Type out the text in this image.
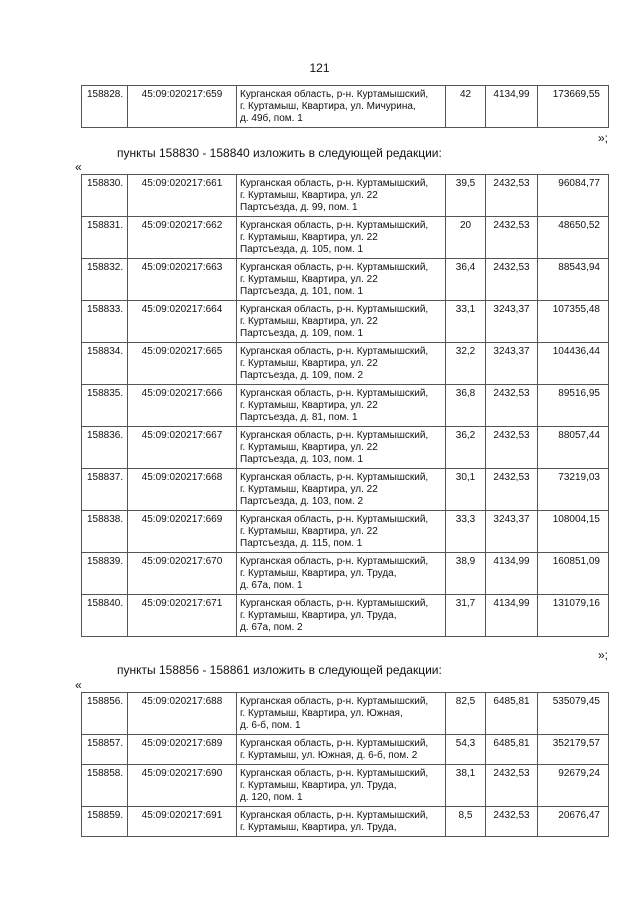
121
158828.	45:09:020217:659	Курганская область, р-н. Куртамышский,
г. Куртамыш, Квартира, ул. Мичурина,
д. 49б, пом. 1
	42	4134,99	173669,55
»;
пункты 158830 - 158840 изложить в следующей редакции:
«
158830.	45:09:020217:661	Курганская область, р-н. Куртамышский,
г. Куртамыш, Квартира, ул. 22
Партсъезда, д. 99, пом. 1	39,5	2432,53	96084,77
158831.	45:09:020217:662	Курганская область, р-н. Куртамышский,
г. Куртамыш, Квартира, ул. 22
Партсъезда, д. 105, пом. 1	20	2432,53	48650,52
158832.	45:09:020217:663	Курганская область, р-н. Куртамышский,
г. Куртамыш, Квартира, ул. 22
Партсъезда, д. 101, пом. 1	36,4	2432,53	88543,94
158833.	45:09:020217:664	Курганская область, р-н. Куртамышский,
г. Куртамыш, Квартира, ул. 22
Партсъезда, д. 109, пом. 1	33,1	3243,37	107355,48
158834.	45:09:020217:665	Курганская область, р-н. Куртамышский,
г. Куртамыш, Квартира, ул. 22
Партсъезда, д. 109, пом. 2	32,2	3243,37	104436,44
158835.	45:09:020217:666	Курганская область, р-н. Куртамышский,
г. Куртамыш, Квартира, ул. 22
Партсъезда, д. 81, пом. 1	36,8	2432,53	89516,95
158836.	45:09:020217:667	Курганская область, р-н. Куртамышский,
г. Куртамыш, Квартира, ул. 22
Партсъезда, д. 103, пом. 1	36,2	2432,53	88057,44
158837.	45:09:020217:668	Курганская область, р-н. Куртамышский,
г. Куртамыш, Квартира, ул. 22
Партсъезда, д. 103, пом. 2	30,1	2432,53	73219,03
158838.	45:09:020217:669	Курганская область, р-н. Куртамышский,
г. Куртамыш, Квартира, ул. 22
Партсъезда, д. 115, пом. 1	33,3	3243,37	108004,15
158839.	45:09:020217:670	Курганская область, р-н. Куртамышский,
г. Куртамыш, Квартира, ул. Труда,
д. 67а, пом. 1	38,9	4134,99	160851,09
158840.	45:09:020217:671	Курганская область, р-н. Куртамышский,
г. Куртамыш, Квартира, ул. Труда,
д. 67а, пом. 2	31,7	4134,99	131079,16
»;
пункты 158856 - 158861 изложить в следующей редакции:
«
158856.	45:09:020217:688	Курганская область, р-н. Куртамышский,
г. Куртамыш, Квартира, ул. Южная,
д. 6-б, пом. 1	82,5	6485,81	535079,45
158857.	45:09:020217:689	Курганская область, р-н. Куртамышский,
г. Куртамыш, ул. Южная, д. 6-б, пом. 2	54,3	6485,81	352179,57
158858.	45:09:020217:690	Курганская область, р-н. Куртамышский,
г. Куртамыш, Квартира, ул. Труда,
д. 120, пом. 1	38,1	2432,53	92679,24
158859.	45:09:020217:691	Курганская область, р-н. Куртамышский,
г. Куртамыш, Квартира, ул. Труда,	8,5	2432,53	20676,47
